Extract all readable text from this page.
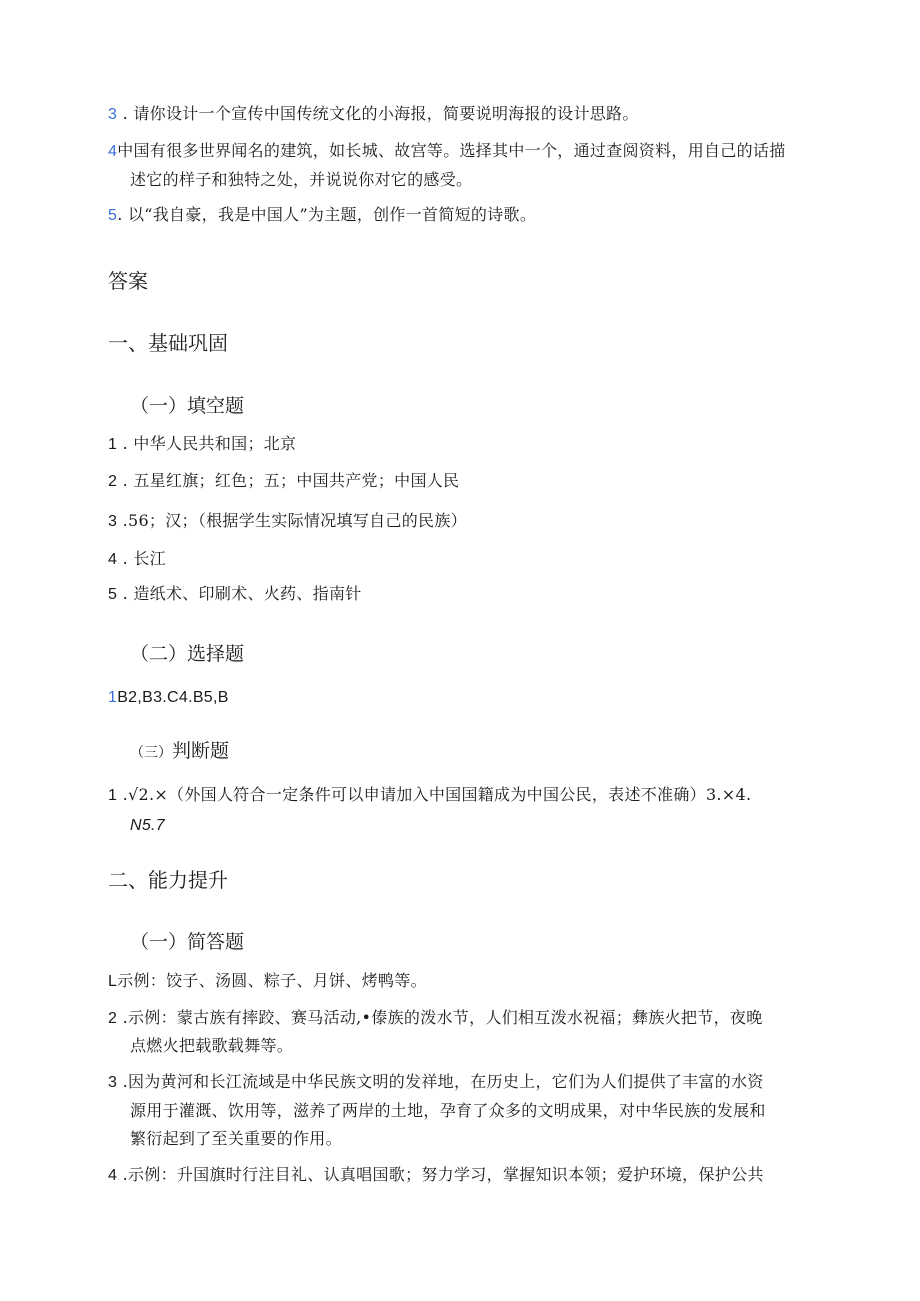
3 . 请你设计一个宣传中国传统文化的小海报，简要说明海报的设计思路。
4中国有很多世界闻名的建筑，如长城、故宫等。选择其中一个，通过查阅资料，用自己的话描
述它的样子和独特之处，并说说你对它的感受。
5. 以“我自豪，我是中国人”为主题，创作一首简短的诗歌。
答案
一、基础巩固
（一）填空题
1 . 中华人民共和国；北京
2 . 五星红旗；红色；五；中国共产党；中国人民
3 .56；汉；（根据学生实际情况填写自己的民族）
4 . 长江
5 . 造纸术、印刷术、火药、指南针
（二）选择题
1B2,B3.C4.B5,B
（三）判断题
1 .√2.×（外国人符合一定条件可以申请加入中国国籍成为中国公民，表述不准确）3.×4.
N5.7
二、能力提升
（一）简答题
L示例：饺子、汤圆、粽子、月饼、烤鸭等。
2 .示例：蒙古族有摔跤、赛马活动,•傣族的泼水节，人们相互泼水祝福；彝族火把节，夜晚
点燃火把载歌载舞等。
3 .因为黄河和长江流域是中华民族文明的发祥地，在历史上，它们为人们提供了丰富的水资
源用于灌溉、饮用等，滋养了两岸的土地，孕育了众多的文明成果，对中华民族的发展和
繁衍起到了至关重要的作用。
4 .示例：升国旗时行注目礼、认真唱国歌；努力学习，掌握知识本领；爱护环境，保护公共
